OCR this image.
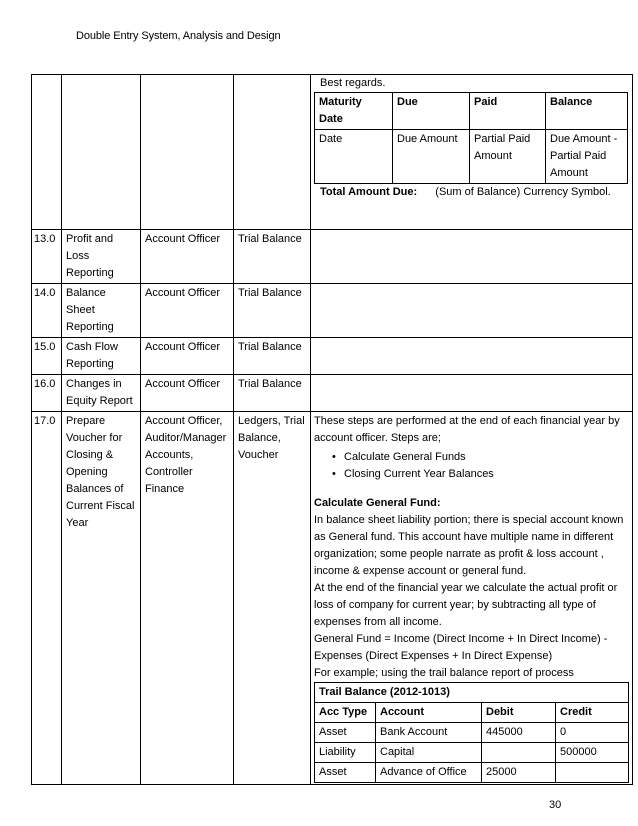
Double Entry System, Analysis and Design

Best regards.
Maturity Date	Due	Paid	Balance
Date	Due Amount	Partial Paid Amount	Due Amount - Partial Paid Amount
Total Amount Due: (Sum of Balance) Currency Symbol.

13.0	Profit and Loss Reporting	Account Officer	Trial Balance	
14.0	Balance Sheet Reporting	Account Officer	Trial Balance	
15.0	Cash Flow Reporting	Account Officer	Trial Balance	
16.0	Changes in Equity Report	Account Officer	Trial Balance	
17.0	Prepare Voucher for Closing & Opening Balances of Current Fiscal Year	Account Officer, Auditor/Manager Accounts, Controller Finance	Ledgers, Trial Balance, Voucher	
These steps are performed at the end of each financial year by account officer. Steps are;
• Calculate General Funds
• Closing Current Year Balances
Calculate General Fund:
In balance sheet liability portion; there is special account known as General fund. This account have multiple name in different organization; some people narrate as profit & loss account , income & expense account or general fund.
At the end of the financial year we calculate the actual profit or loss of company for current year; by subtracting all type of expenses from all income.
General Fund = Income (Direct Income + In Direct Income) - Expenses (Direct Expenses + In Direct Expense)
For example; using the trail balance report of process
Trail Balance (2012-1013)
Acc Type	Account	Debit	Credit
Asset	Bank Account	445000	0
Liability	Capital		500000
Asset	Advance of Office	25000	
30
